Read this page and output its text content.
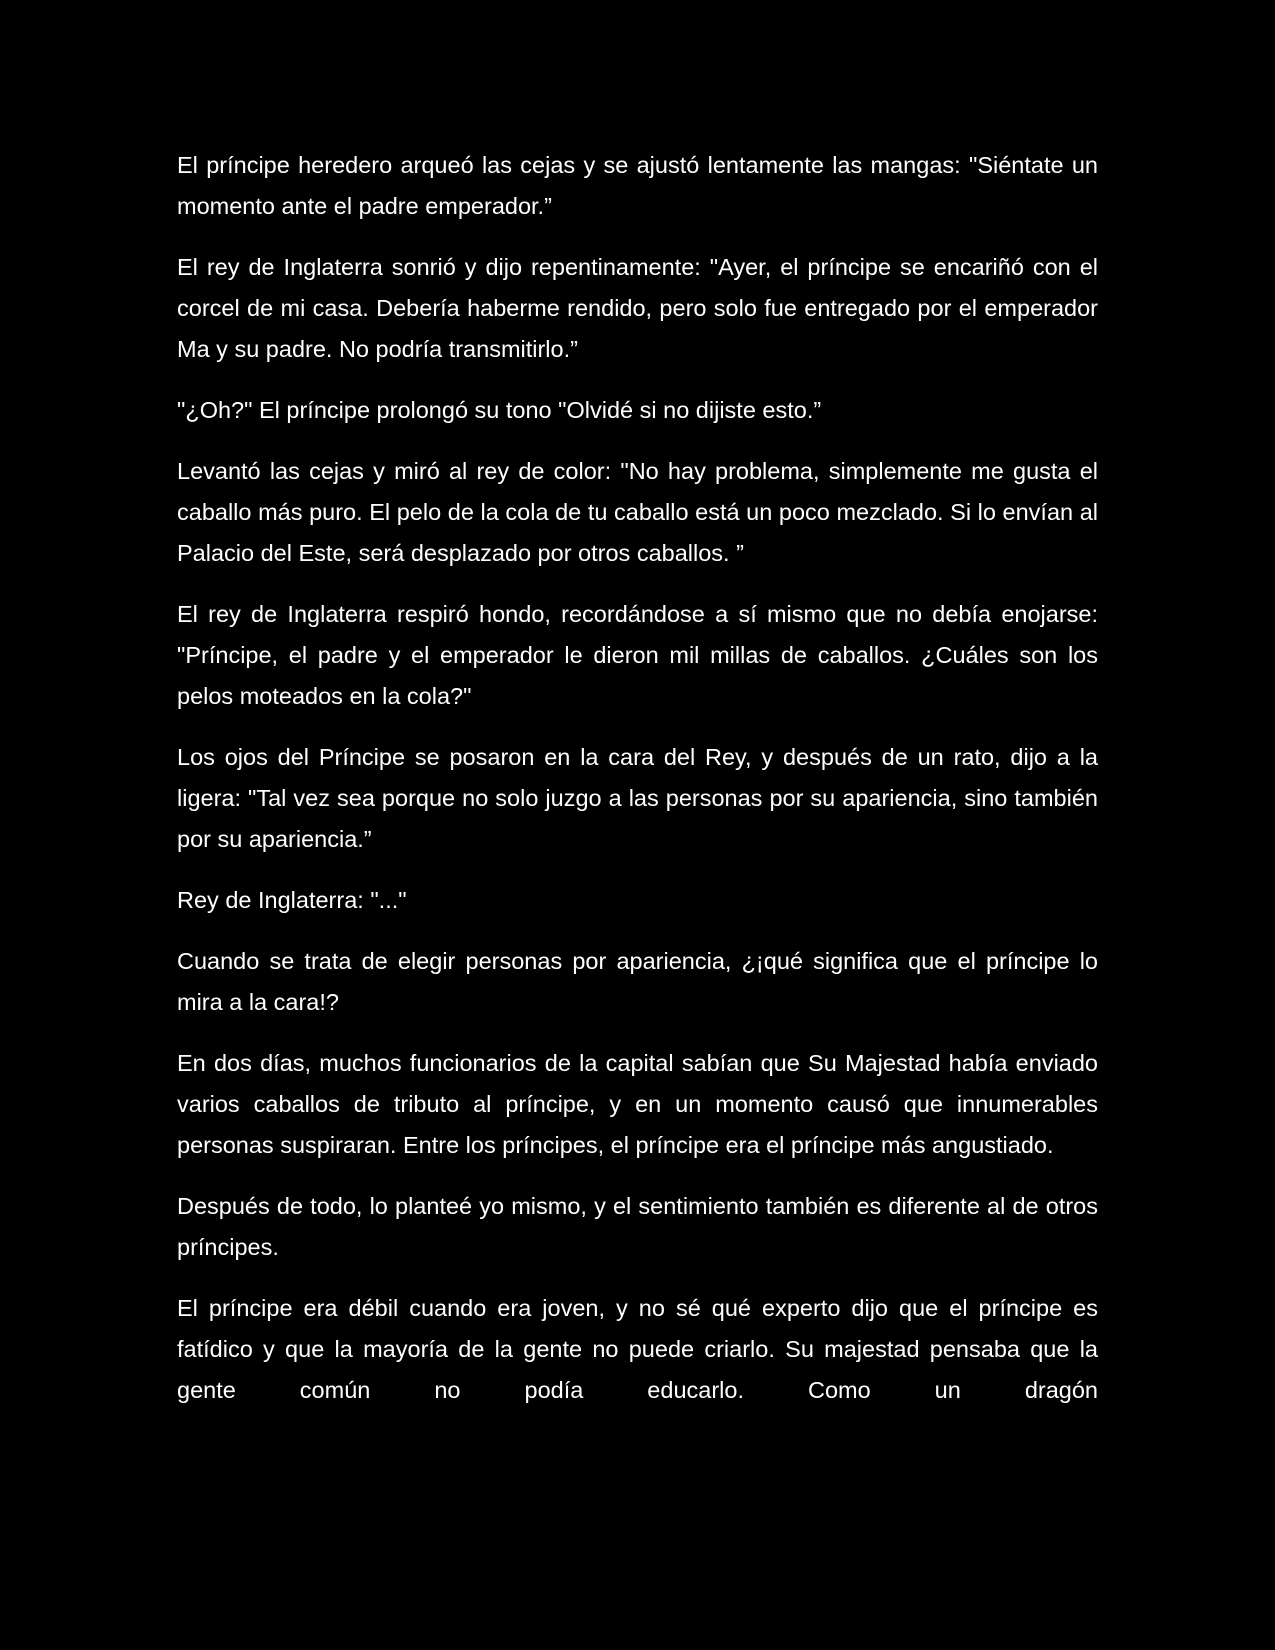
El príncipe heredero arqueó las cejas y se ajustó lentamente las mangas: "Siéntate un momento ante el padre emperador.”

El rey de Inglaterra sonrió y dijo repentinamente: "Ayer, el príncipe se encariñó con el corcel de mi casa. Debería haberme rendido, pero solo fue entregado por el emperador Ma y su padre. No podría transmitirlo.”

"¿Oh?" El príncipe prolongó su tono "Olvidé si no dijiste esto.”

Levantó las cejas y miró al rey de color: "No hay problema, simplemente me gusta el caballo más puro. El pelo de la cola de tu caballo está un poco mezclado. Si lo envían al Palacio del Este, será desplazado por otros caballos. ”

El rey de Inglaterra respiró hondo, recordándose a sí mismo que no debía enojarse: "Príncipe, el padre y el emperador le dieron mil millas de caballos. ¿Cuáles son los pelos moteados en la cola?"

Los ojos del Príncipe se posaron en la cara del Rey, y después de un rato, dijo a la ligera: "Tal vez sea porque no solo juzgo a las personas por su apariencia, sino también por su apariencia.”

Rey de Inglaterra: "..."

Cuando se trata de elegir personas por apariencia, ¿¡qué significa que el príncipe lo mira a la cara!?

En dos días, muchos funcionarios de la capital sabían que Su Majestad había enviado varios caballos de tributo al príncipe, y en un momento causó que innumerables personas suspiraran. Entre los príncipes, el príncipe era el príncipe más angustiado.

Después de todo, lo planteé yo mismo, y el sentimiento también es diferente al de otros príncipes.

El príncipe era débil cuando era joven, y no sé qué experto dijo que el príncipe es fatídico y que la mayoría de la gente no puede criarlo. Su majestad pensaba que la gente común no podía educarlo. Como un dragón
